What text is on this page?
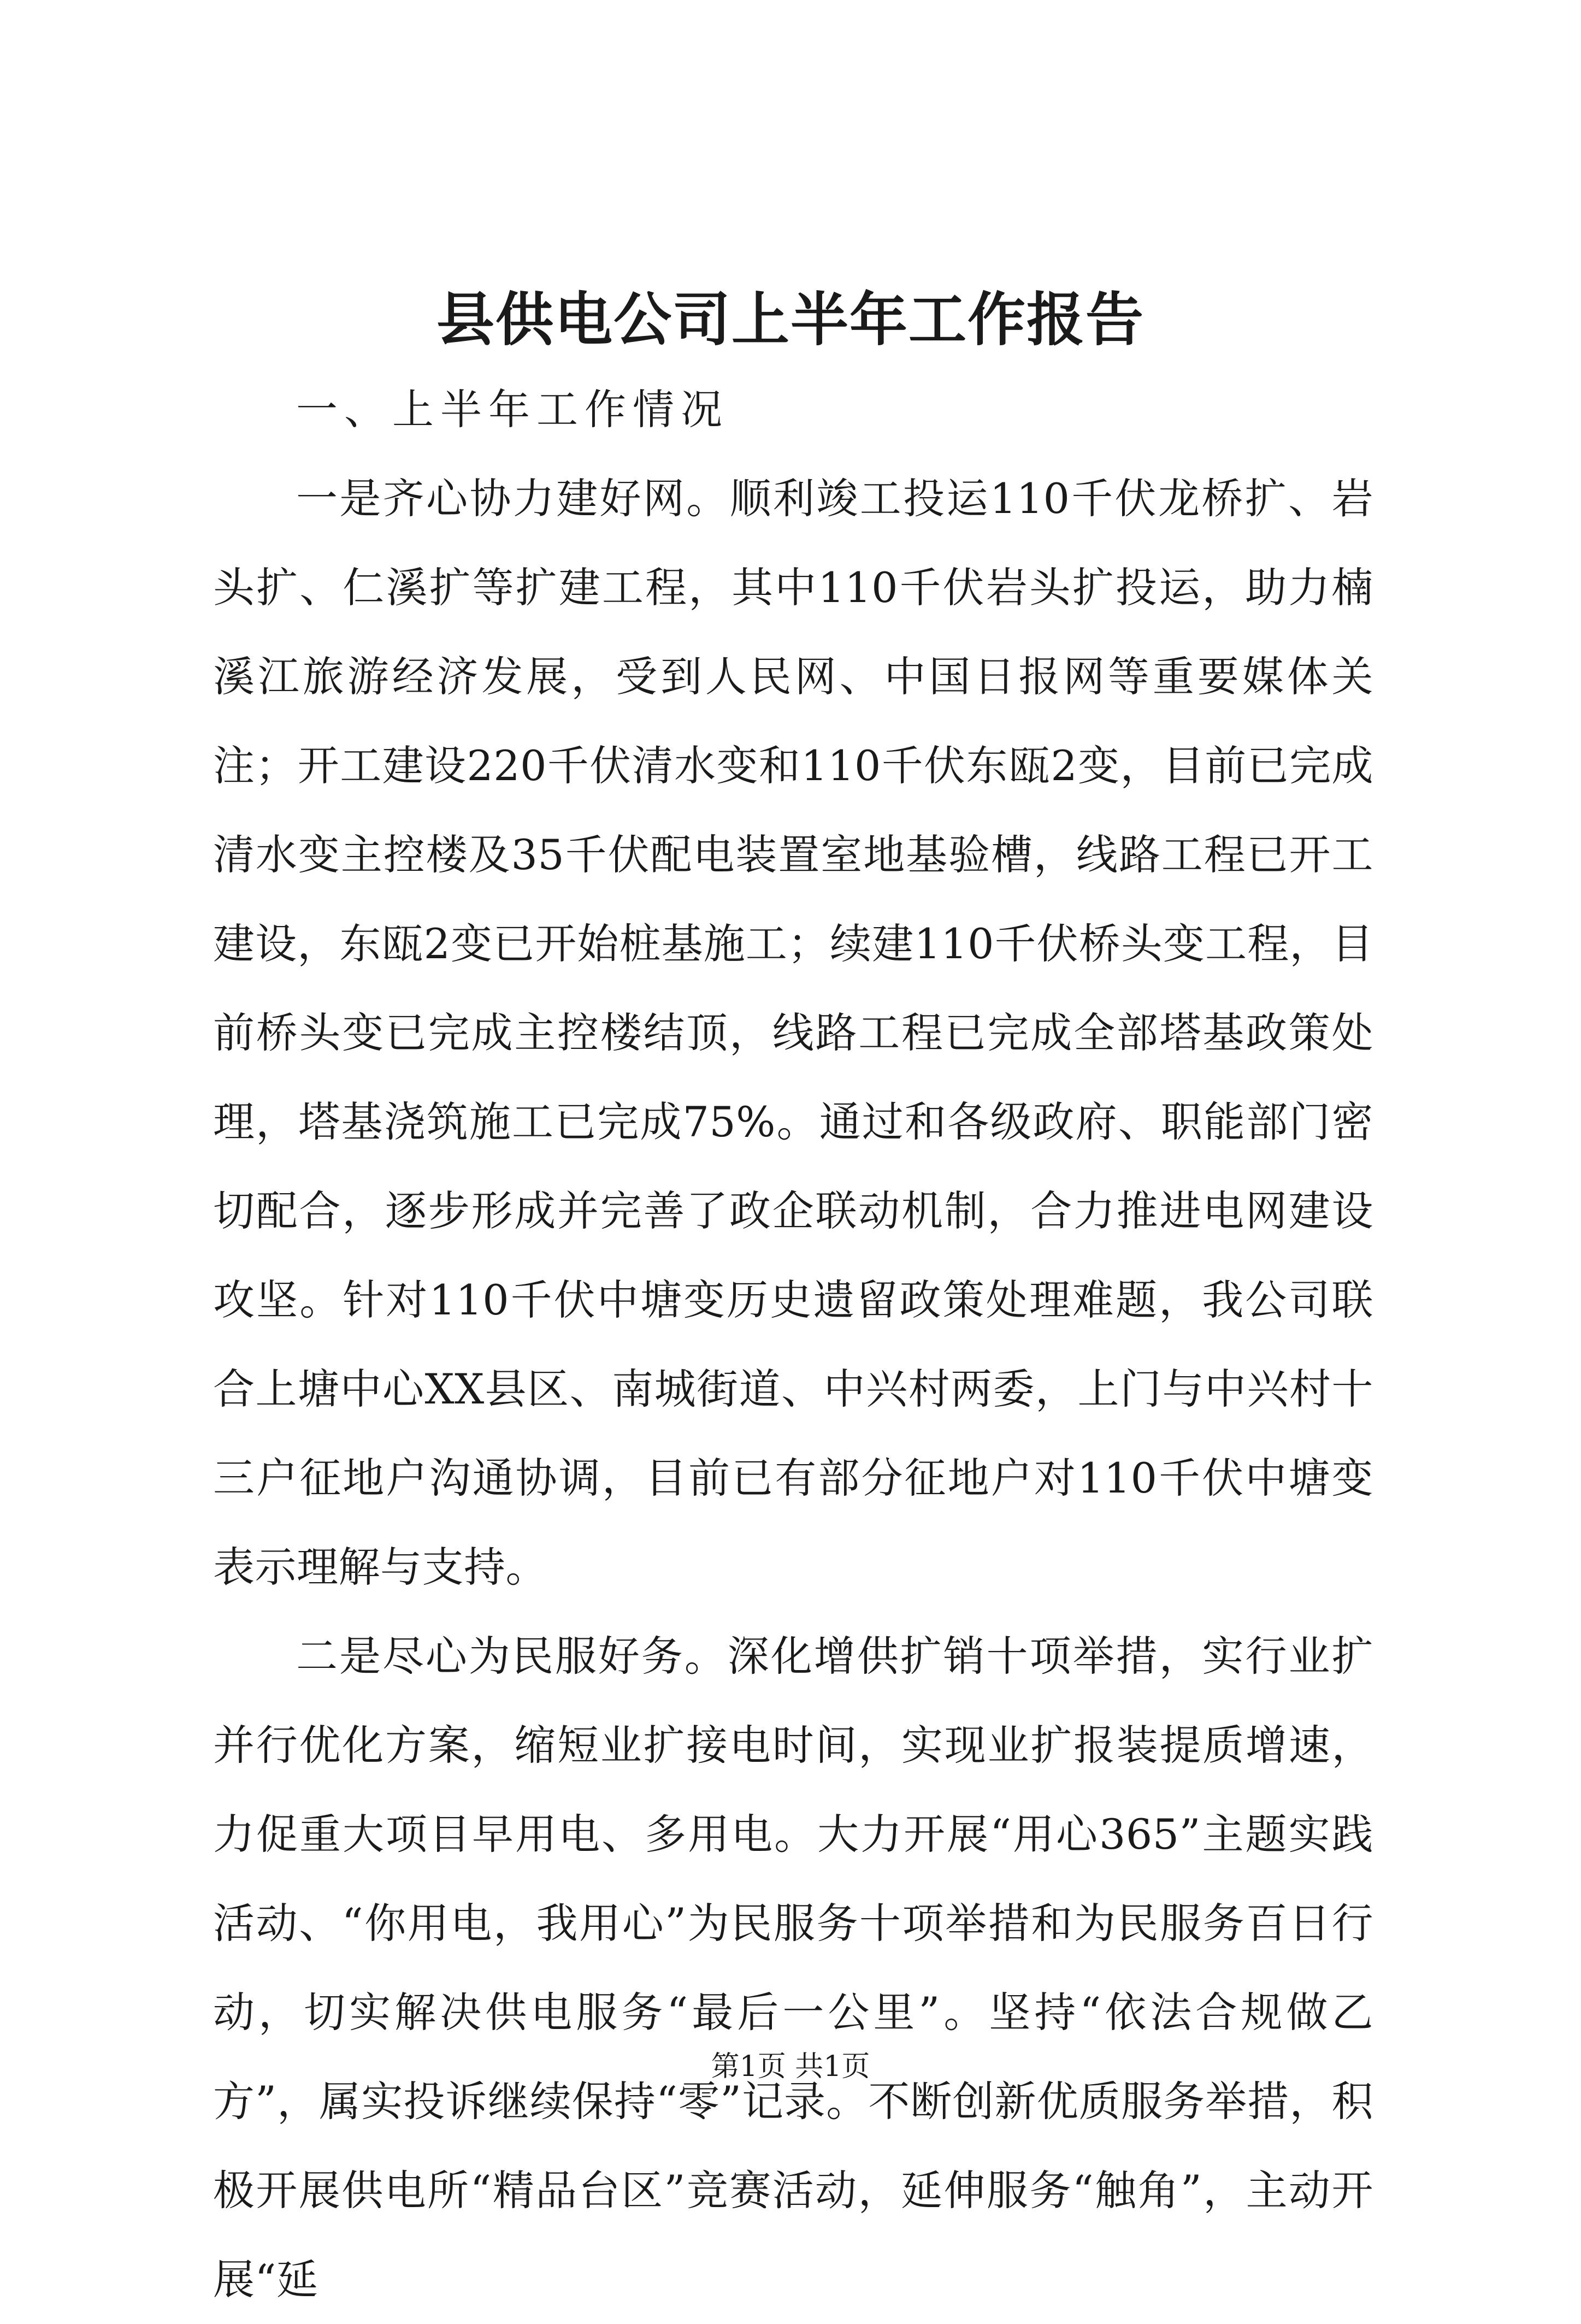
县供电公司上半年工作报告

一、上半年工作情况

一是齐心协力建好网。顺利竣工投运110千伏龙桥扩、岩头扩、仁溪扩等扩建工程，其中110千伏岩头扩投运，助力楠溪江旅游经济发展，受到人民网、中国日报网等重要媒体关注；开工建设220千伏清水变和110千伏东瓯2变，目前已完成清水变主控楼及35千伏配电装置室地基验槽，线路工程已开工建设，东瓯2变已开始桩基施工；续建110千伏桥头变工程，目前桥头变已完成主控楼结顶，线路工程已完成全部塔基政策处理，塔基浇筑施工已完成75%。通过和各级政府、职能部门密切配合，逐步形成并完善了政企联动机制，合力推进电网建设攻坚。针对110千伏中塘变历史遗留政策处理难题，我公司联合上塘中心XX县区、南城街道、中兴村两委，上门与中兴村十三户征地户沟通协调，目前已有部分征地户对110千伏中塘变表示理解与支持。

二是尽心为民服好务。深化增供扩销十项举措，实行业扩并行优化方案，缩短业扩接电时间，实现业扩报装提质增速，力促重大项目早用电、多用电。大力开展“用心365”主题实践活动、“你用电，我用心”为民服务十项举措和为民服务百日行动，切实解决供电服务“最后一公里”。坚持“依法合规做乙方”，属实投诉继续保持“零”记录。不断创新优质服务举措，积极开展供电所“精品台区”竞赛活动，延伸服务“触角”，主动开展“延

第1页 共1页
